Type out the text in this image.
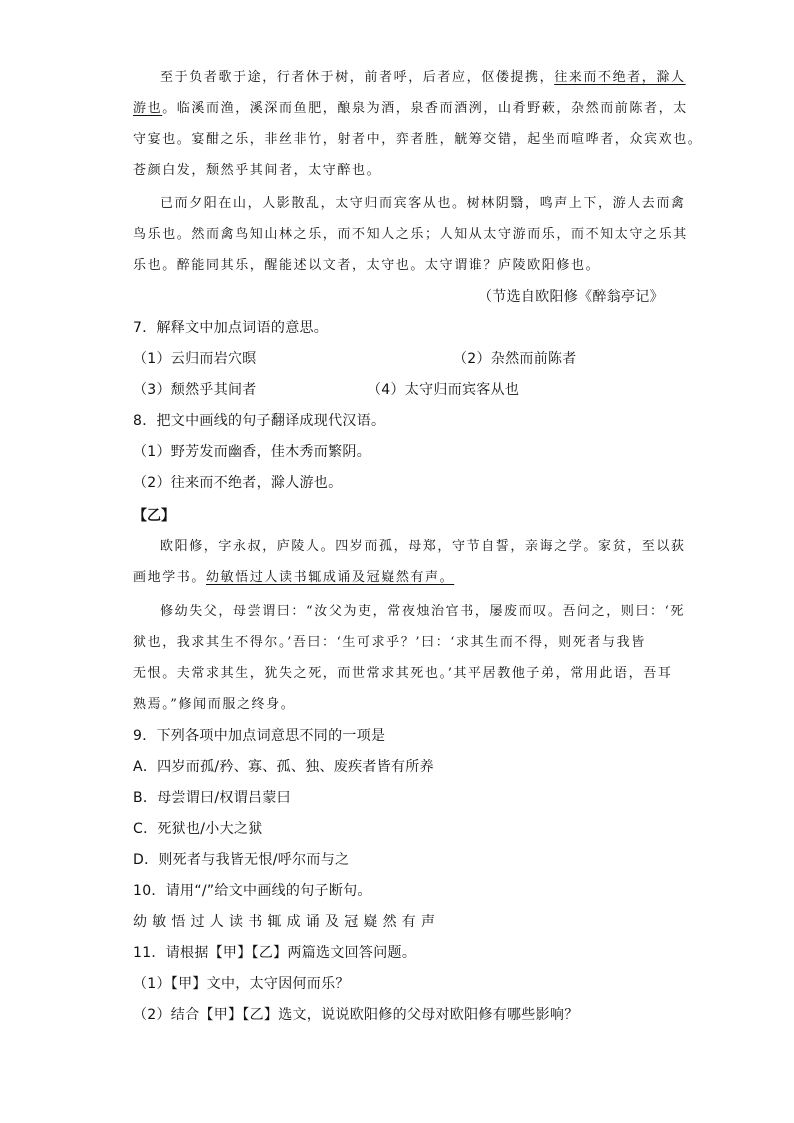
至于负者歌于途，行者休于树，前者呼，后者应，伛偻提携，往来而不绝者，滁人
游也。临溪而渔，溪深而鱼肥，酿泉为酒，泉香而酒洌，山肴野蔌，杂然而前陈者，太
守宴也。宴酣之乐，非丝非竹，射者中，弈者胜，觥筹交错，起坐而喧哗者，众宾欢也。
苍颜白发，颓然乎其间者，太守醉也。
已而夕阳在山，人影散乱，太守归而宾客从也。树林阴翳，鸣声上下，游人去而禽
鸟乐也。然而禽鸟知山林之乐，而不知人之乐；人知从太守游而乐，而不知太守之乐其
乐也。醉能同其乐，醒能述以文者，太守也。太守谓谁？庐陵欧阳修也。
（节选自欧阳修《醉翁亭记》
7．解释文中加点词语的意思。
（1）云归而岩穴暝	（2）杂然而前陈者
（3）颓然乎其间者	（4）太守归而宾客从也
8．把文中画线的句子翻译成现代汉语。
（1）野芳发而幽香，佳木秀而繁阴。
（2）往来而不绝者，滁人游也。
【乙】
欧阳修，字永叔，庐陵人。四岁而孤，母郑，守节自誓，亲诲之学。家贫，至以荻
画地学书。幼敏悟过人读书辄成诵及冠嶷然有声。
修幼失父，母尝谓曰：“汝父为吏，常夜烛治官书，屡废而叹。吾问之，则曰：‘死
狱也，我求其生不得尔。’吾曰：‘生可求乎？’曰：‘求其生而不得，则死者与我皆
无恨。夫常求其生，犹失之死，而世常求其死也。’其平居教他子弟，常用此语，吾耳
熟焉。”修闻而服之终身。
9．下列各项中加点词意思不同的一项是
A．四岁而孤/矜、寡、孤、独、废疾者皆有所养
B．母尝谓曰/权谓吕蒙曰
C．死狱也/小大之狱
D．则死者与我皆无恨/呼尔而与之
10．请用“/”给文中画线的句子断句。
幼敏悟过人读书辄成诵及冠嶷然有声
11．请根据【甲】【乙】两篇选文回答问题。
（1）【甲】文中，太守因何而乐？
（2）结合【甲】【乙】选文，说说欧阳修的父母对欧阳修有哪些影响？
